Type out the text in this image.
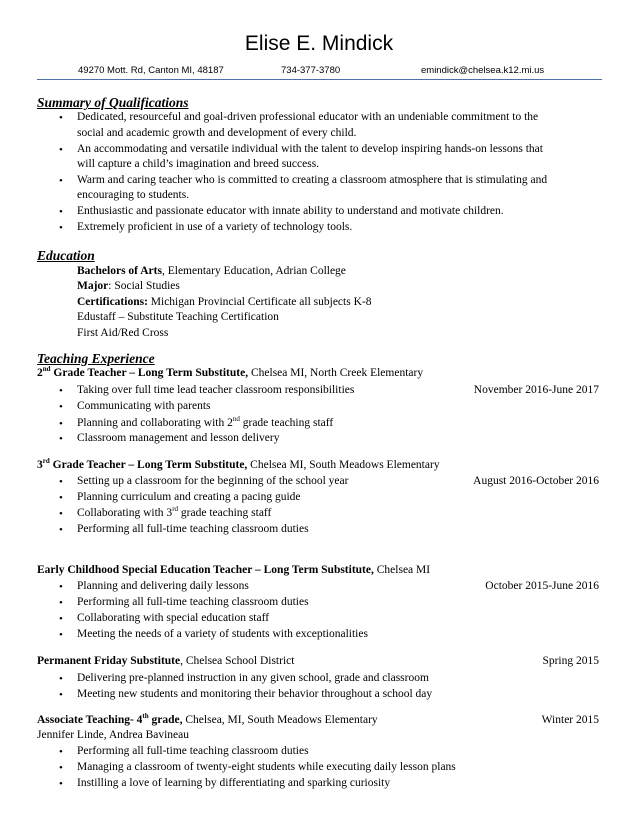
Elise E. Mindick
49270 Mott. Rd, Canton MI, 48187	734-377-3780	emindick@chelsea.k12.mi.us
Summary of Qualifications
• Dedicated, resourceful and goal-driven professional educator with an undeniable commitment to the
social and academic growth and development of every child.
• An accommodating and versatile individual with the talent to develop inspiring hands-on lessons that
will capture a child’s imagination and breed success.
• Warm and caring teacher who is committed to creating a classroom atmosphere that is stimulating and
encouraging to students.
• Enthusiastic and passionate educator with innate ability to understand and motivate children.
• Extremely proficient in use of a variety of technology tools.
Education
Bachelors of Arts, Elementary Education, Adrian College
Major: Social Studies
Certifications: Michigan Provincial Certificate all subjects K-8
Edustaff – Substitute Teaching Certification
First Aid/Red Cross
Teaching Experience
2nd Grade Teacher – Long Term Substitute, Chelsea MI, North Creek Elementary
November 2016-June 2017
• Taking over full time lead teacher classroom responsibilities
• Communicating with parents
• Planning and collaborating with 2nd grade teaching staff
• Classroom management and lesson delivery
3rd Grade Teacher – Long Term Substitute, Chelsea MI, South Meadows Elementary
August 2016-October 2016
• Setting up a classroom for the beginning of the school year
• Planning curriculum and creating a pacing guide
• Collaborating with 3rd grade teaching staff
• Performing all full-time teaching classroom duties
Early Childhood Special Education Teacher – Long Term Substitute, Chelsea MI
October 2015-June 2016
• Planning and delivering daily lessons
• Performing all full-time teaching classroom duties
• Collaborating with special education staff
• Meeting the needs of a variety of students with exceptionalities
Permanent Friday Substitute, Chelsea School District	Spring 2015
• Delivering pre-planned instruction in any given school, grade and classroom
• Meeting new students and monitoring their behavior throughout a school day
Associate Teaching- 4th grade, Chelsea, MI, South Meadows Elementary	Winter 2015
Jennifer Linde, Andrea Bavineau
• Performing all full-time teaching classroom duties
• Managing a classroom of twenty-eight students while executing daily lesson plans
• Instilling a love of learning by differentiating and sparking curiosity
